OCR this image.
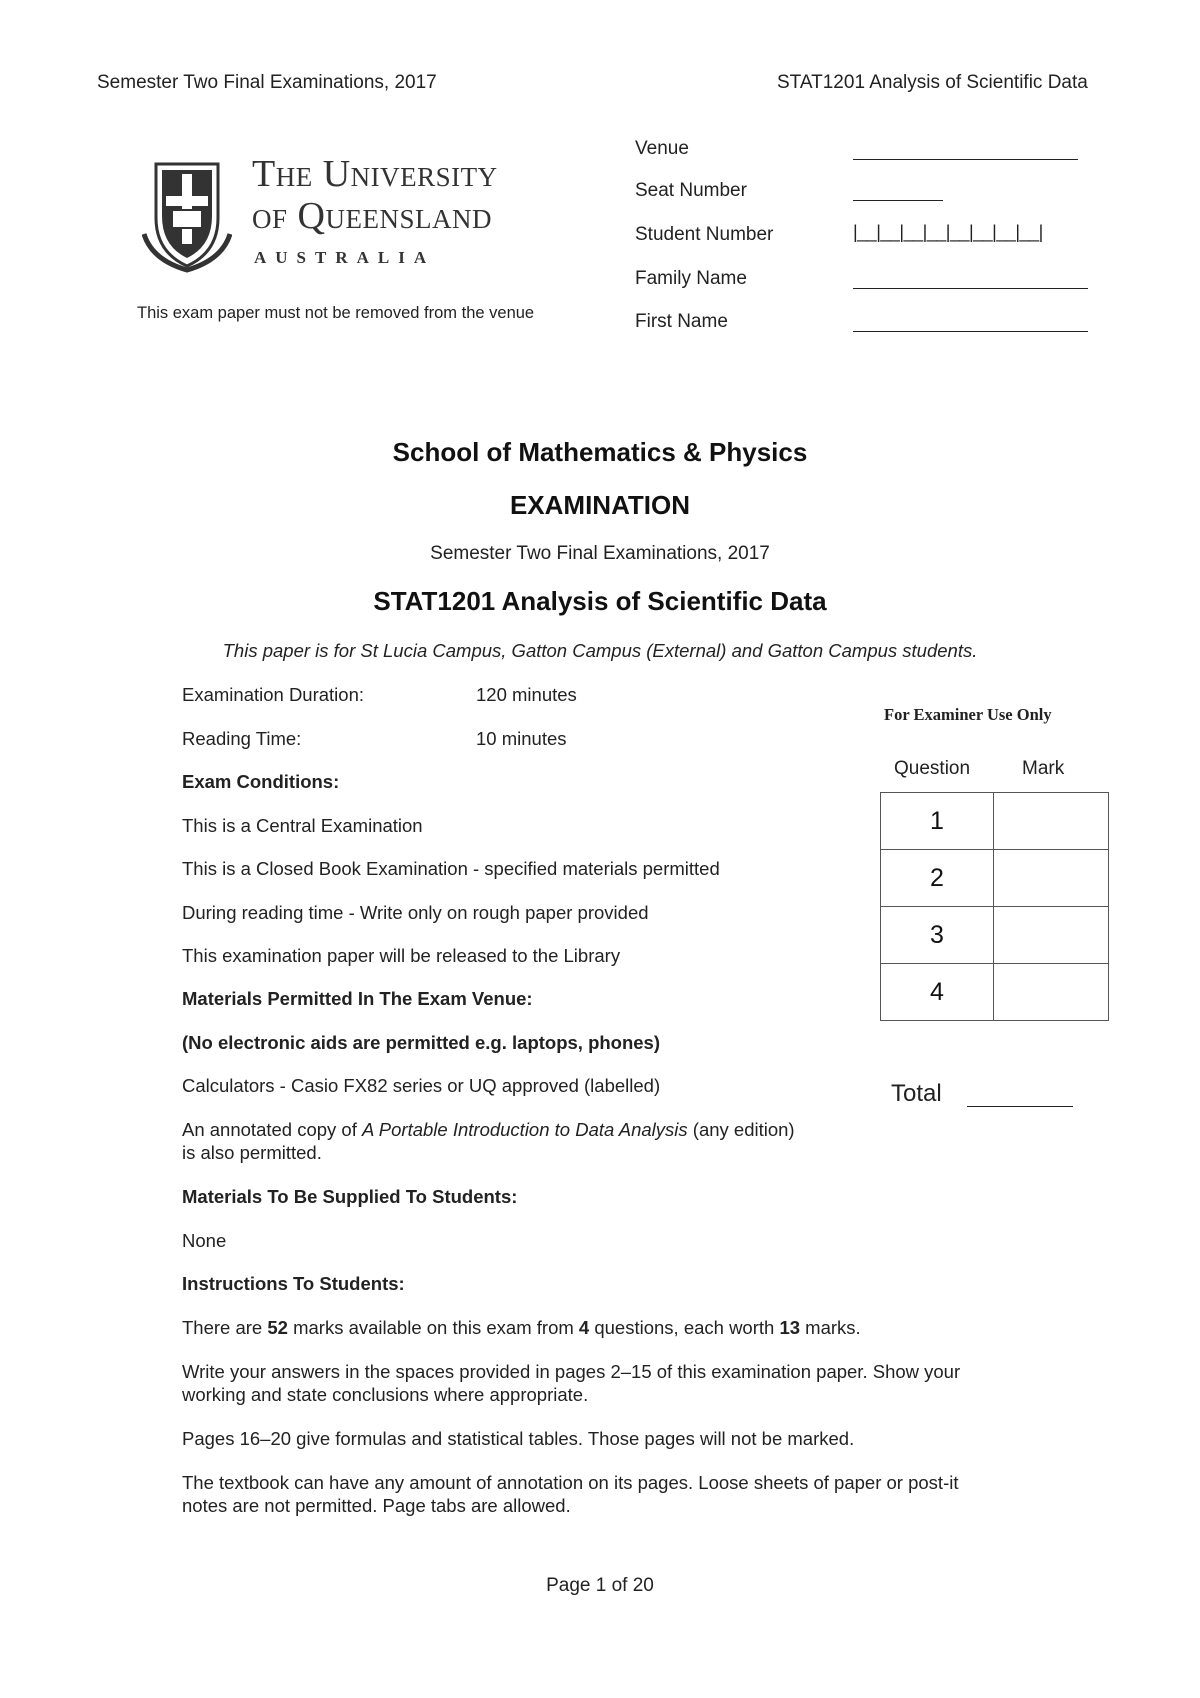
Semester Two Final Examinations, 2017	STAT1201 Analysis of Scientific Data
The University
of Queensland
AUSTRALIA
This exam paper must not be removed from the venue
Venue
Seat Number
Student Number	|__|__|__|__|__|__|__|__|
Family Name
First Name
School of Mathematics & Physics
EXAMINATION
Semester Two Final Examinations, 2017
STAT1201 Analysis of Scientific Data
This paper is for St Lucia Campus, Gatton Campus (External) and Gatton Campus students.
Examination Duration:	120 minutes
Reading Time:	10 minutes
Exam Conditions:
This is a Central Examination
This is a Closed Book Examination - specified materials permitted
During reading time - Write only on rough paper provided
This examination paper will be released to the Library
Materials Permitted In The Exam Venue:
(No electronic aids are permitted e.g. laptops, phones)
Calculators - Casio FX82 series or UQ approved (labelled)
An annotated copy of A Portable Introduction to Data Analysis (any edition)
is also permitted.
Materials To Be Supplied To Students:
None
Instructions To Students:
There are 52 marks available on this exam from 4 questions, each worth 13 marks.
Write your answers in the spaces provided in pages 2–15 of this examination paper. Show your
working and state conclusions where appropriate.
Pages 16–20 give formulas and statistical tables. Those pages will not be marked.
The textbook can have any amount of annotation on its pages. Loose sheets of paper or post-it
notes are not permitted. Page tabs are allowed.
For Examiner Use Only
Question	Mark
1	
2	
3	
4	
Total
Page 1 of 20
